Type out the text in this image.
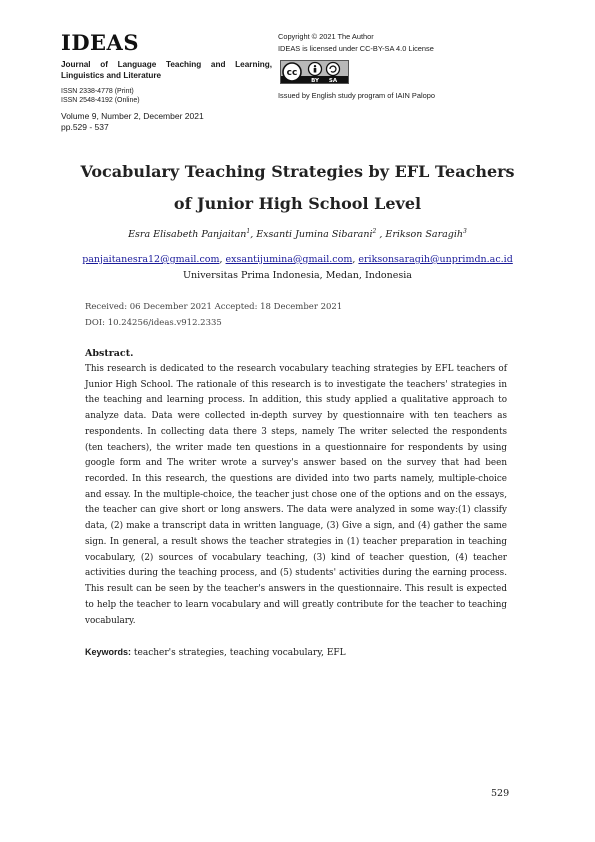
IDEAS
Journal of Language Teaching and Learning, Linguistics and Literature
ISSN 2338-4778 (Print)
ISSN 2548-4192 (Online)
Volume 9, Number 2, December 2021
pp.529 - 537
Copyright © 2021 The Author
IDEAS is licensed under CC-BY-SA 4.0 License
cc
BY SA
Issued by English study program of IAIN Palopo
Vocabulary Teaching Strategies by EFL Teachers
of Junior High School Level
Esra Elisabeth Panjaitan$^1$, Exsanti Jumina Sibarani$^2$ , Erikson Saragih$^3$
panjaitanesra12@gmail.com, exsantijumina@gmail.com, eriksonsaragih@unprimdn.ac.id
Universitas Prima Indonesia, Medan, Indonesia
Received: 06 December 2021 Accepted: 18 December 2021
DOI: 10.24256/ideas.v912.2335
Abstract.
This research is dedicated to the research vocabulary teaching strategies by EFL teachers of Junior High School. The rationale of this research is to investigate the teachers' strategies in the teaching and learning process. In addition, this study applied a qualitative approach to analyze data. Data were collected in-depth survey by questionnaire with ten teachers as respondents. In collecting data there 3 steps, namely The writer selected the respondents (ten teachers), the writer made ten questions in a questionnaire for respondents by using google form and The writer wrote a survey's answer based on the survey that had been recorded. In this research, the questions are divided into two parts namely, multiple-choice and essay. In the multiple-choice, the teacher just chose one of the options and on the essays, the teacher can give short or long answers. The data were analyzed in some way:(1) classify data, (2) make a transcript data in written language, (3) Give a sign, and (4) gather the same sign. In general, a result shows the teacher strategies in (1) teacher preparation in teaching vocabulary, (2) sources of vocabulary teaching, (3) kind of teacher question, (4) teacher activities during the teaching process, and (5) students' activities during the earning process. This result can be seen by the teacher's answers in the questionnaire. This result is expected to help the teacher to learn vocabulary and will greatly contribute for the teacher to teaching vocabulary.
Keywords: teacher's strategies, teaching vocabulary, EFL
529
